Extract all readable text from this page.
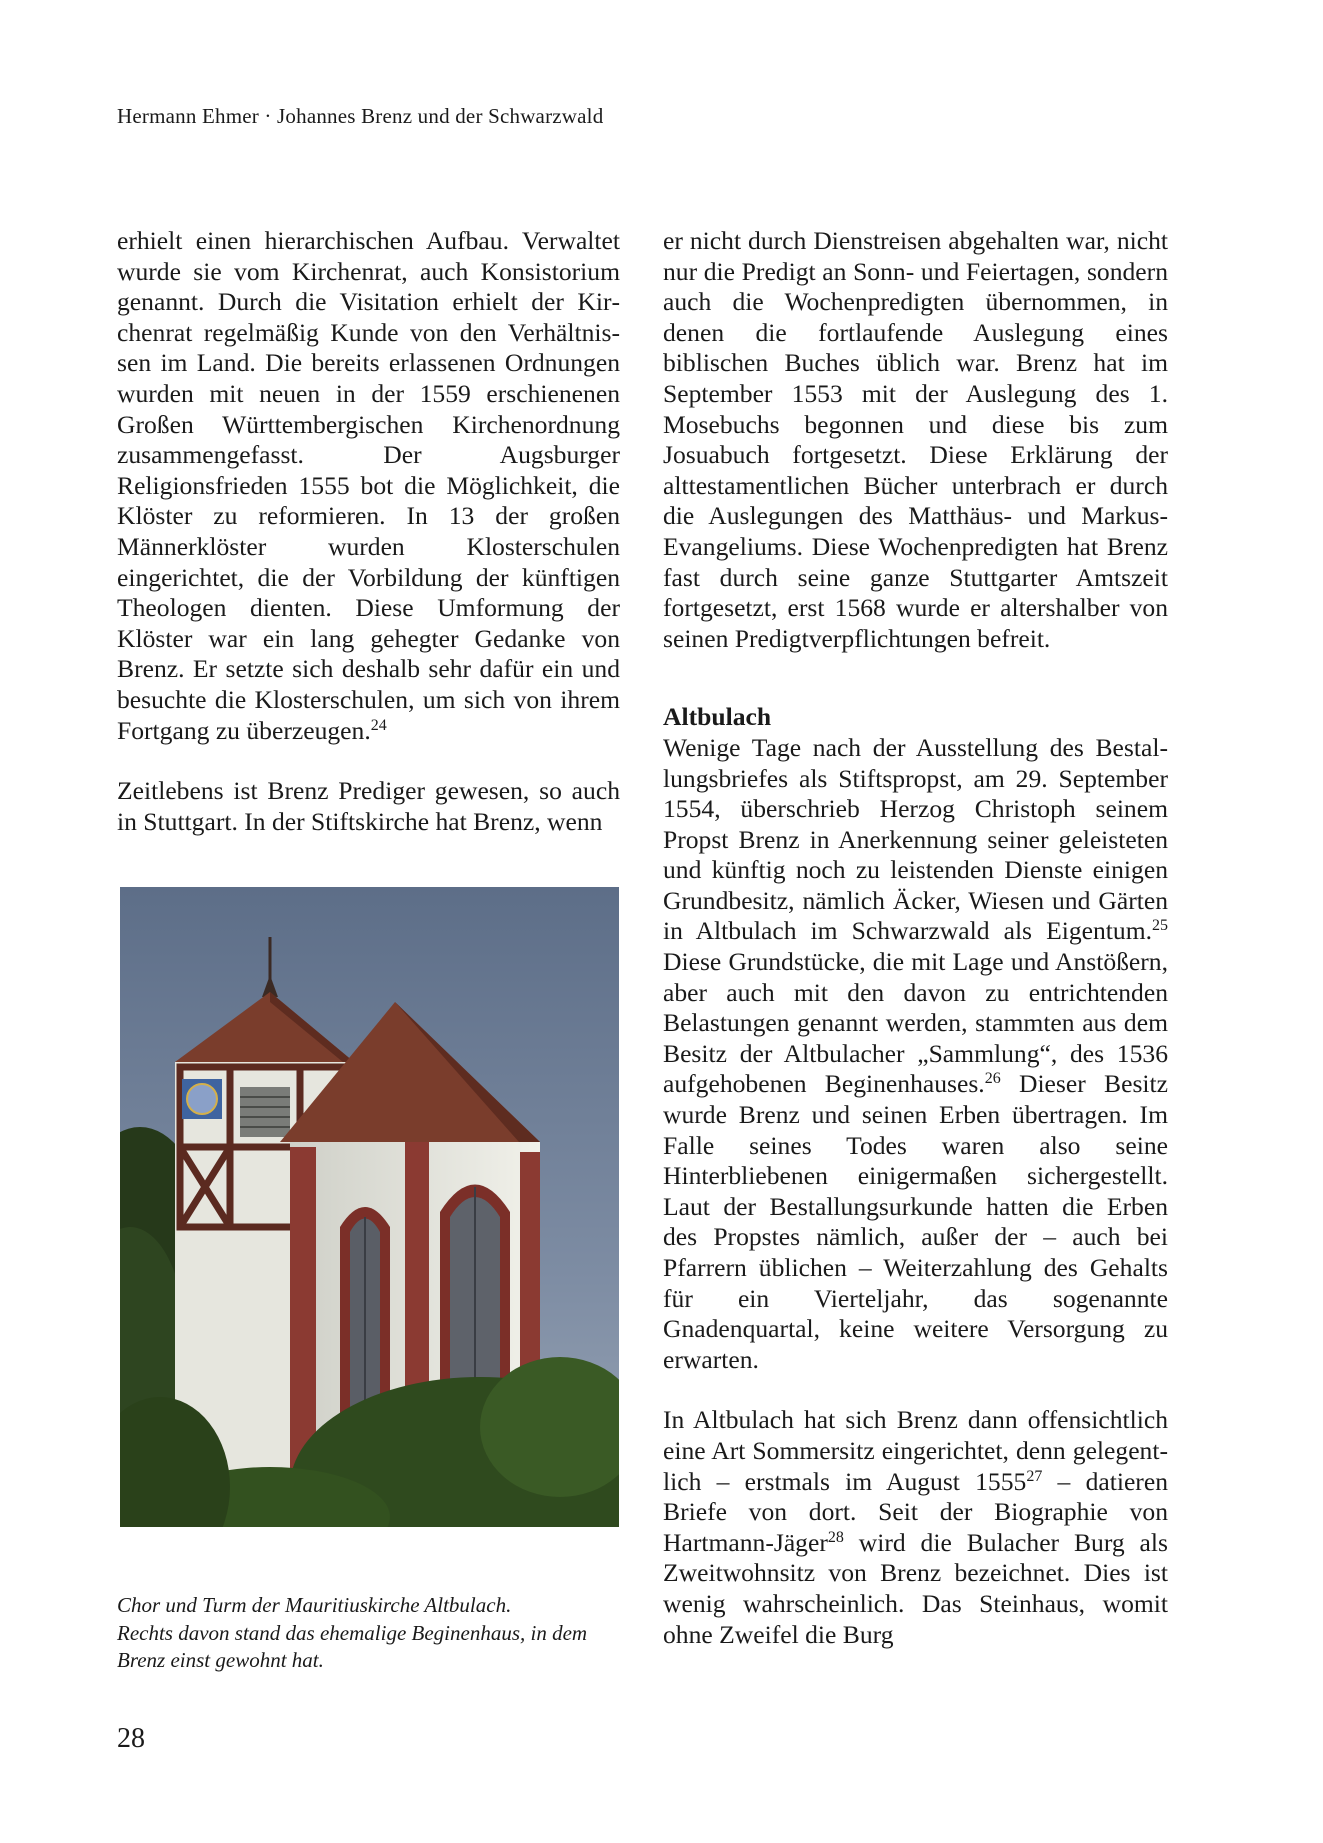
Hermann Ehmer · Johannes Brenz und der Schwarzwald

erhielt einen hierarchischen Aufbau. Verwaltet wurde sie vom Kirchenrat, auch Konsistorium genannt. Durch die Visitation erhielt der Kirchenrat regelmäßig Kunde von den Verhältnissen im Land. Die bereits erlassenen Ordnungen wurden mit neuen in der 1559 erschienenen Großen Württembergischen Kirchenordnung zusammengefasst. Der Augsburger Religionsfrieden 1555 bot die Möglichkeit, die Klöster zu reformieren. In 13 der großen Männerklöster wurden Klosterschulen eingerichtet, die der Vorbildung der künftigen Theologen dienten. Diese Umformung der Klöster war ein lang gehegter Gedanke von Brenz. Er setzte sich deshalb sehr dafür ein und besuchte die Klosterschulen, um sich von ihrem Fortgang zu überzeugen.$^{24}$

Zeitlebens ist Brenz Prediger gewesen, so auch in Stuttgart. In der Stiftskirche hat Brenz, wenn

Chor und Turm der Mauritiuskirche Altbulach.
Rechts davon stand das ehemalige Beginenhaus, in dem
Brenz einst gewohnt hat.

er nicht durch Dienstreisen abgehalten war, nicht nur die Predigt an Sonn- und Feiertagen, sondern auch die Wochenpredigten übernommen, in denen die fortlaufende Auslegung eines biblischen Buches üblich war. Brenz hat im September 1553 mit der Auslegung des 1. Mosebuchs begonnen und diese bis zum Josuabuch fortgesetzt. Diese Erklärung der alttestamentlichen Bücher unterbrach er durch die Auslegungen des Matthäus- und Markus-Evangeliums. Diese Wochenpredigten hat Brenz fast durch seine ganze Stuttgarter Amtszeit fortgesetzt, erst 1568 wurde er altershalber von seinen Predigtverpflichtungen befreit.

Altbulach

Wenige Tage nach der Ausstellung des Bestallungsbriefes als Stiftspropst, am 29. September 1554, überschrieb Herzog Christoph seinem Propst Brenz in Anerkennung seiner geleisteten und künftig noch zu leistenden Dienste einigen Grundbesitz, nämlich Äcker, Wiesen und Gärten in Altbulach im Schwarzwald als Eigentum.$^{25}$ Diese Grundstücke, die mit Lage und Anstößern, aber auch mit den davon zu entrichtenden Belastungen genannt werden, stammten aus dem Besitz der Altbulacher „Sammlung“, des 1536 aufgehobenen Beginenhauses.$^{26}$ Dieser Besitz wurde Brenz und seinen Erben übertragen. Im Falle seines Todes waren also seine Hinterbliebenen einigermaßen sichergestellt. Laut der Bestallungsurkunde hatten die Erben des Propstes nämlich, außer der – auch bei Pfarrern üblichen – Weiterzahlung des Gehalts für ein Vierteljahr, das sogenannte Gnadenquartal, keine weitere Versorgung zu erwarten.

In Altbulach hat sich Brenz dann offensichtlich eine Art Sommersitz eingerichtet, denn gelegentlich – erstmals im August 1555$^{27}$ – datieren Briefe von dort. Seit der Biographie von Hartmann-Jäger$^{28}$ wird die Bulacher Burg als Zweitwohnsitz von Brenz bezeichnet. Dies ist wenig wahrscheinlich. Das Steinhaus, womit ohne Zweifel die Burg

28
